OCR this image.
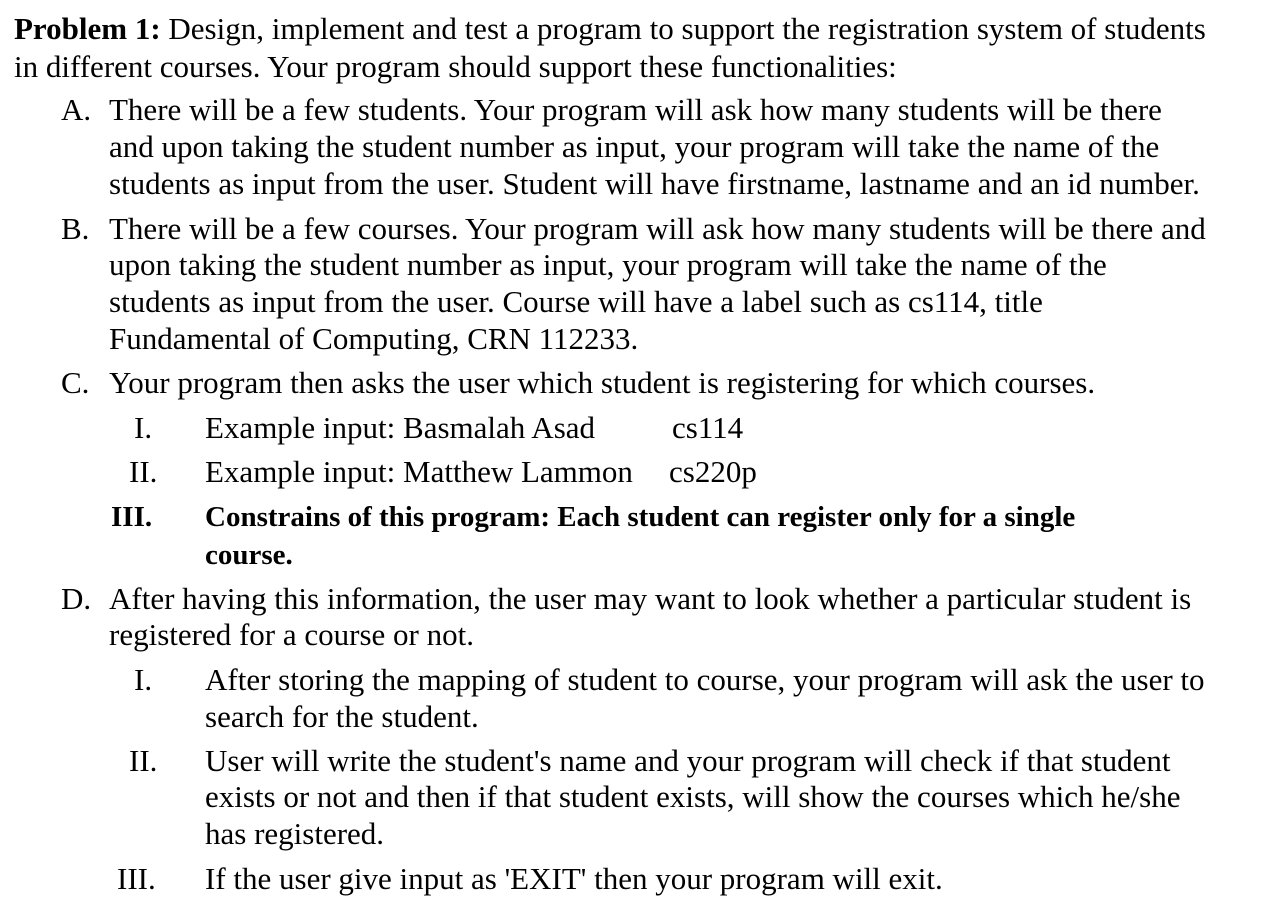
Problem 1: Design, implement and test a program to support the registration system of students
in different courses. Your program should support these functionalities:
A. There will be a few students. Your program will ask how many students will be there
and upon taking the student number as input, your program will take the name of the
students as input from the user. Student will have firstname, lastname and an id number.
B. There will be a few courses. Your program will ask how many students will be there and
upon taking the student number as input, your program will take the name of the
students as input from the user. Course will have a label such as cs114, title
Fundamental of Computing, CRN 112233.
C. Your program then asks the user which student is registering for which courses.
I. Example input: Basmalah Asad cs114
II. Example input: Matthew Lammon cs220p
III. Constrains of this program: Each student can register only for a single
course.
D. After having this information, the user may want to look whether a particular student is
registered for a course or not.
I. After storing the mapping of student to course, your program will ask the user to
search for the student.
II. User will write the student's name and your program will check if that student
exists or not and then if that student exists, will show the courses which he/she
has registered.
III. If the user give input as 'EXIT' then your program will exit.
